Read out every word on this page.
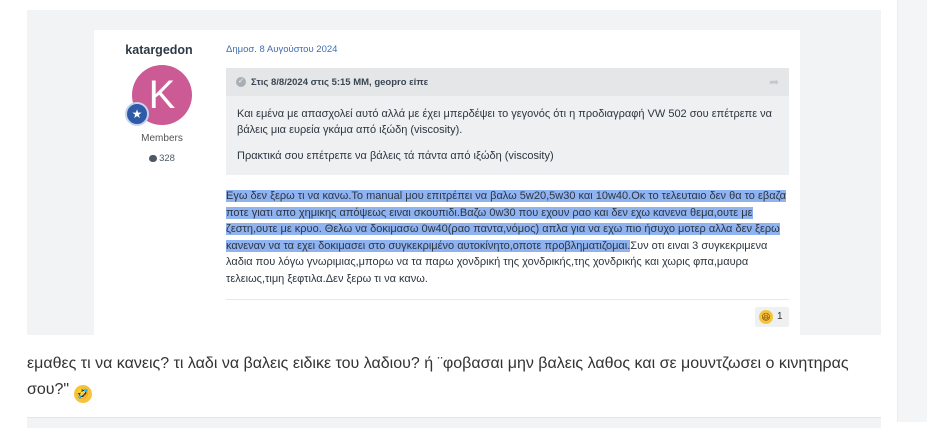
katargedon
K
★
Members
328
Δημοσ. 8 Αυγούστου 2024
✓ Στις 8/8/2024 στις 5:15 ΜΜ, geopro είπε	➦
Και εμένα με απασχολεί αυτό αλλά με έχει μπερδέψει το γεγονός ότι η προδιαγραφή VW 502 σου επέτρεπε να βάλεις μια ευρεία γκάμα από ιξώδη (viscosity).
Πρακτικά σου επέτρεπε να βάλεις τά πάντα από ιξώδη (viscosity)
Εγω δεν ξερω τι να κανω.Το manual μου επιτρέπει να βαλω 5w20,5w30 και 10w40.Οκ το τελευταιο δεν θα το εβαζα ποτε γιατι απο χημικης απόψεως ειναι σκουπιδι.Βαζω 0w30 που εχουν ραο και δεν εχω κανενα θεμα,ουτε με ζεστη,ουτε με κρυο. Θελω να δοκιμασω 0w40(ραο παντα,νόμος) απλα για να εχω πιο ήσυχο μοτερ αλλα δεν ξερω κανεναν να τα εχει δοκιμασει στο συγκεκριμένο αυτοκίνητο,οποτε προβληματιζομαι.Συν οτι ειναι 3 συγκεκριμενα λαδια που λόγω γνωριμιας,μπορω να τα παρω χονδρική της χονδρικής,της χονδρικής και χωρις φπα,μαυρα τελειως,τιμη ξεφτιλα.Δεν ξερω τι να κανω.
😆 1
εμαθες τι να κανεις? τι λαδι να βαλεις ειδικε του λαδιου? ή ¨φοβασαι μην βαλεις λαθος και σε μουντζωσει ο κινητηρας σου?" 🤣
